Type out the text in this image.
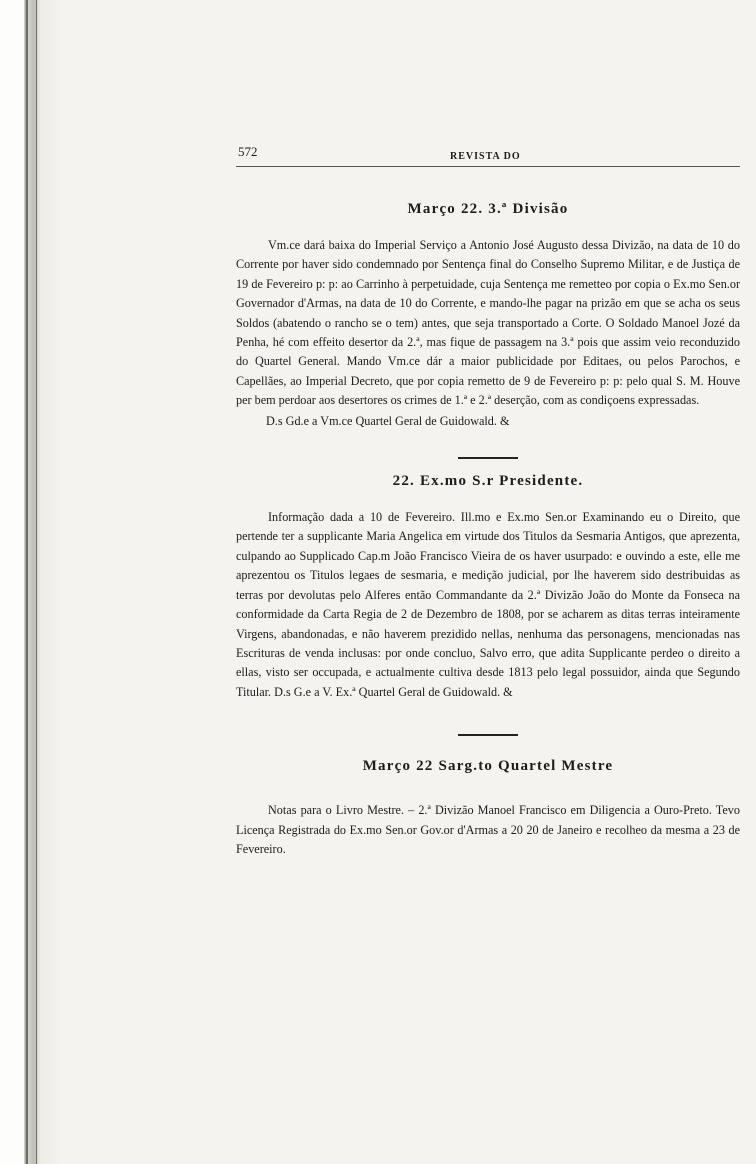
572	REVISTA DO
Março 22. 3.ª Divisão

Vm.ce dará baixa do Imperial Serviço a Antonio José Augusto dessa Divizão, na data de 10 do Corrente por haver sido condemnado por Sentença final do Conselho Supremo Militar, e de Justiça de 19 de Fevereiro p: p: ao Carrinho à perpetuidade, cuja Sentença me remetteo por copia o Ex.mo Sen.or Governador d'Armas, na data de 10 do Corrente, e mando-lhe pagar na prizão em que se acha os seus Soldos (abatendo o rancho se o tem) antes, que seja transportado a Corte. O Soldado Manoel Jozé da Penha, hé com effeito desertor da 2.ª, mas fique de passagem na 3.ª pois que assim veio reconduzido do Quartel General. Mando Vm.ce dár a maior publicidade por Editaes, ou pelos Parochos, e Capellães, ao Imperial Decreto, que por copia remetto de 9 de Fevereiro p: p: pelo qual S. M. Houve per bem perdoar aos desertores os crimes de 1.ª e 2.ª deserção, com as condiçoens expressadas.

D.s Gd.e a Vm.ce Quartel Geral de Guidowald. &

22. Ex.mo S.r Presidente.

Informação dada a 10 de Fevereiro. Ill.mo e Ex.mo Sen.or Examinando eu o Direito, que pertende ter a supplicante Maria Angelica em virtude dos Titulos da Sesmaria Antigos, que aprezenta, culpando ao Supplicado Cap.m João Francisco Vieira de os haver usurpado: e ouvindo a este, elle me aprezentou os Titulos legaes de sesmaria, e medição judicial, por lhe haverem sido destribuidas as terras por devolutas pelo Alferes então Commandante da 2.ª Divizão João do Monte da Fonseca na conformidade da Carta Regia de 2 de Dezembro de 1808, por se acharem as ditas terras inteiramente Virgens, abandonadas, e não haverem prezidido nellas, nenhuma das personagens, mencionadas nas Escrituras de venda inclusas: por onde concluo, Salvo erro, que adita Supplicante perdeo o direito a ellas, visto ser occupada, e actualmente cultiva desde 1813 pelo legal possuidor, ainda que Segundo Titular. D.s G.e a V. Ex.ª Quartel Geral de Guidowald. &

Março 22 Sarg.to Quartel Mestre

Notas para o Livro Mestre. – 2.ª Divizão Manoel Francisco em Diligencia a Ouro-Preto. Tevo Licença Registrada do Ex.mo Sen.or Gov.or d'Armas a 20 20 de Janeiro e recolheo da mesma a 23 de Fevereiro.
